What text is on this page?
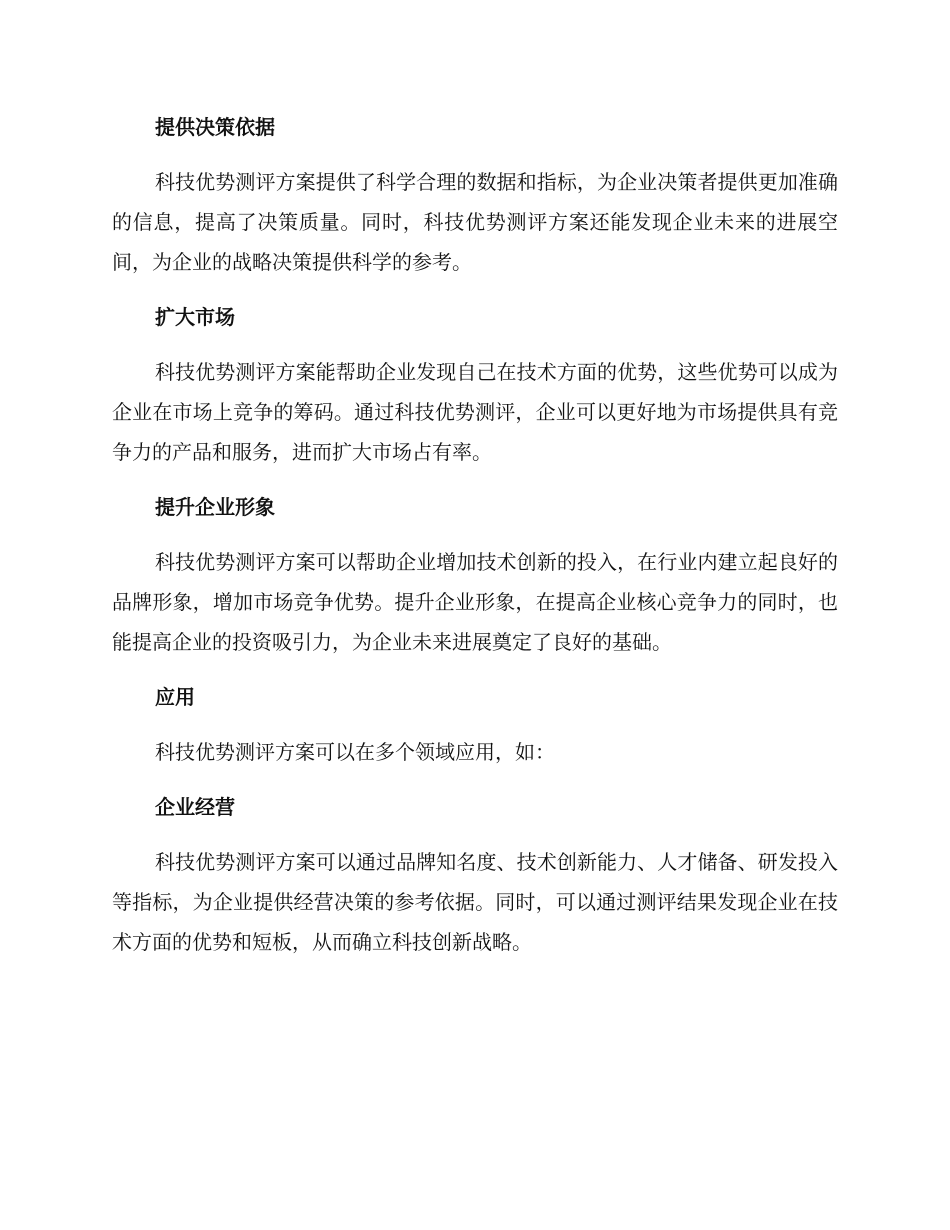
提供决策依据

科技优势测评方案提供了科学合理的数据和指标，为企业决策者提供更加准确的信息，提高了决策质量。同时，科技优势测评方案还能发现企业未来的进展空间，为企业的战略决策提供科学的参考。

扩大市场

科技优势测评方案能帮助企业发现自己在技术方面的优势，这些优势可以成为企业在市场上竞争的筹码。通过科技优势测评，企业可以更好地为市场提供具有竞争力的产品和服务，进而扩大市场占有率。

提升企业形象

科技优势测评方案可以帮助企业增加技术创新的投入，在行业内建立起良好的品牌形象，增加市场竞争优势。提升企业形象，在提高企业核心竞争力的同时，也能提高企业的投资吸引力，为企业未来进展奠定了良好的基础。

应用

科技优势测评方案可以在多个领域应用，如：

企业经营

科技优势测评方案可以通过品牌知名度、技术创新能力、人才储备、研发投入等指标，为企业提供经营决策的参考依据。同时，可以通过测评结果发现企业在技术方面的优势和短板，从而确立科技创新战略。
